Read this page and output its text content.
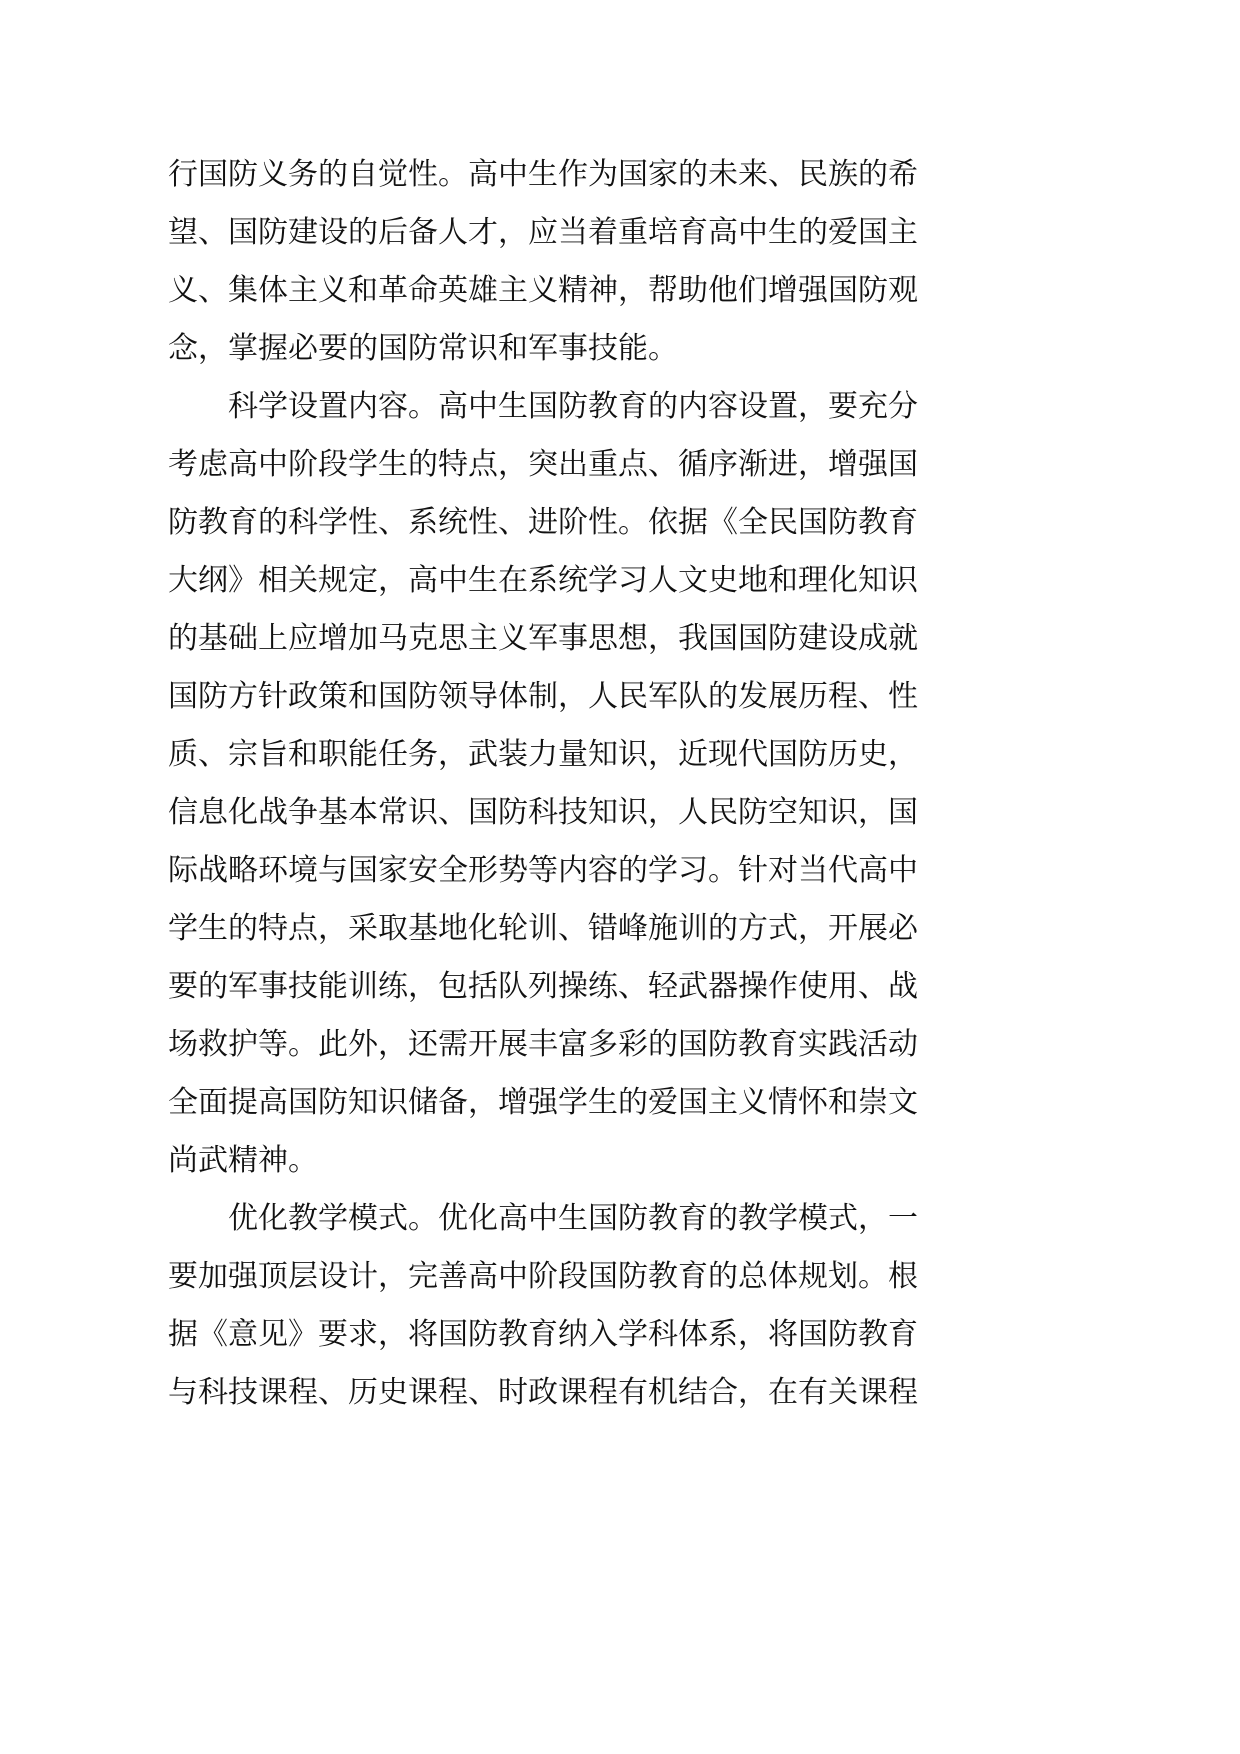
行国防义务的自觉性。高中生作为国家的未来、民族的希
望、国防建设的后备人才，应当着重培育高中生的爱国主
义、集体主义和革命英雄主义精神，帮助他们增强国防观
念，掌握必要的国防常识和军事技能。
科学设置内容。高中生国防教育的内容设置，要充分
考虑高中阶段学生的特点，突出重点、循序渐进，增强国
防教育的科学性、系统性、进阶性。依据《全民国防教育
大纲》相关规定，高中生在系统学习人文史地和理化知识
的基础上应增加马克思主义军事思想，我国国防建设成就
国防方针政策和国防领导体制，人民军队的发展历程、性
质、宗旨和职能任务，武装力量知识，近现代国防历史，
信息化战争基本常识、国防科技知识，人民防空知识，国
际战略环境与国家安全形势等内容的学习。针对当代高中
学生的特点，采取基地化轮训、错峰施训的方式，开展必
要的军事技能训练，包括队列操练、轻武器操作使用、战
场救护等。此外，还需开展丰富多彩的国防教育实践活动
全面提高国防知识储备，增强学生的爱国主义情怀和崇文
尚武精神。
优化教学模式。优化高中生国防教育的教学模式，一
要加强顶层设计，完善高中阶段国防教育的总体规划。根
据《意见》要求，将国防教育纳入学科体系，将国防教育
与科技课程、历史课程、时政课程有机结合，在有关课程
